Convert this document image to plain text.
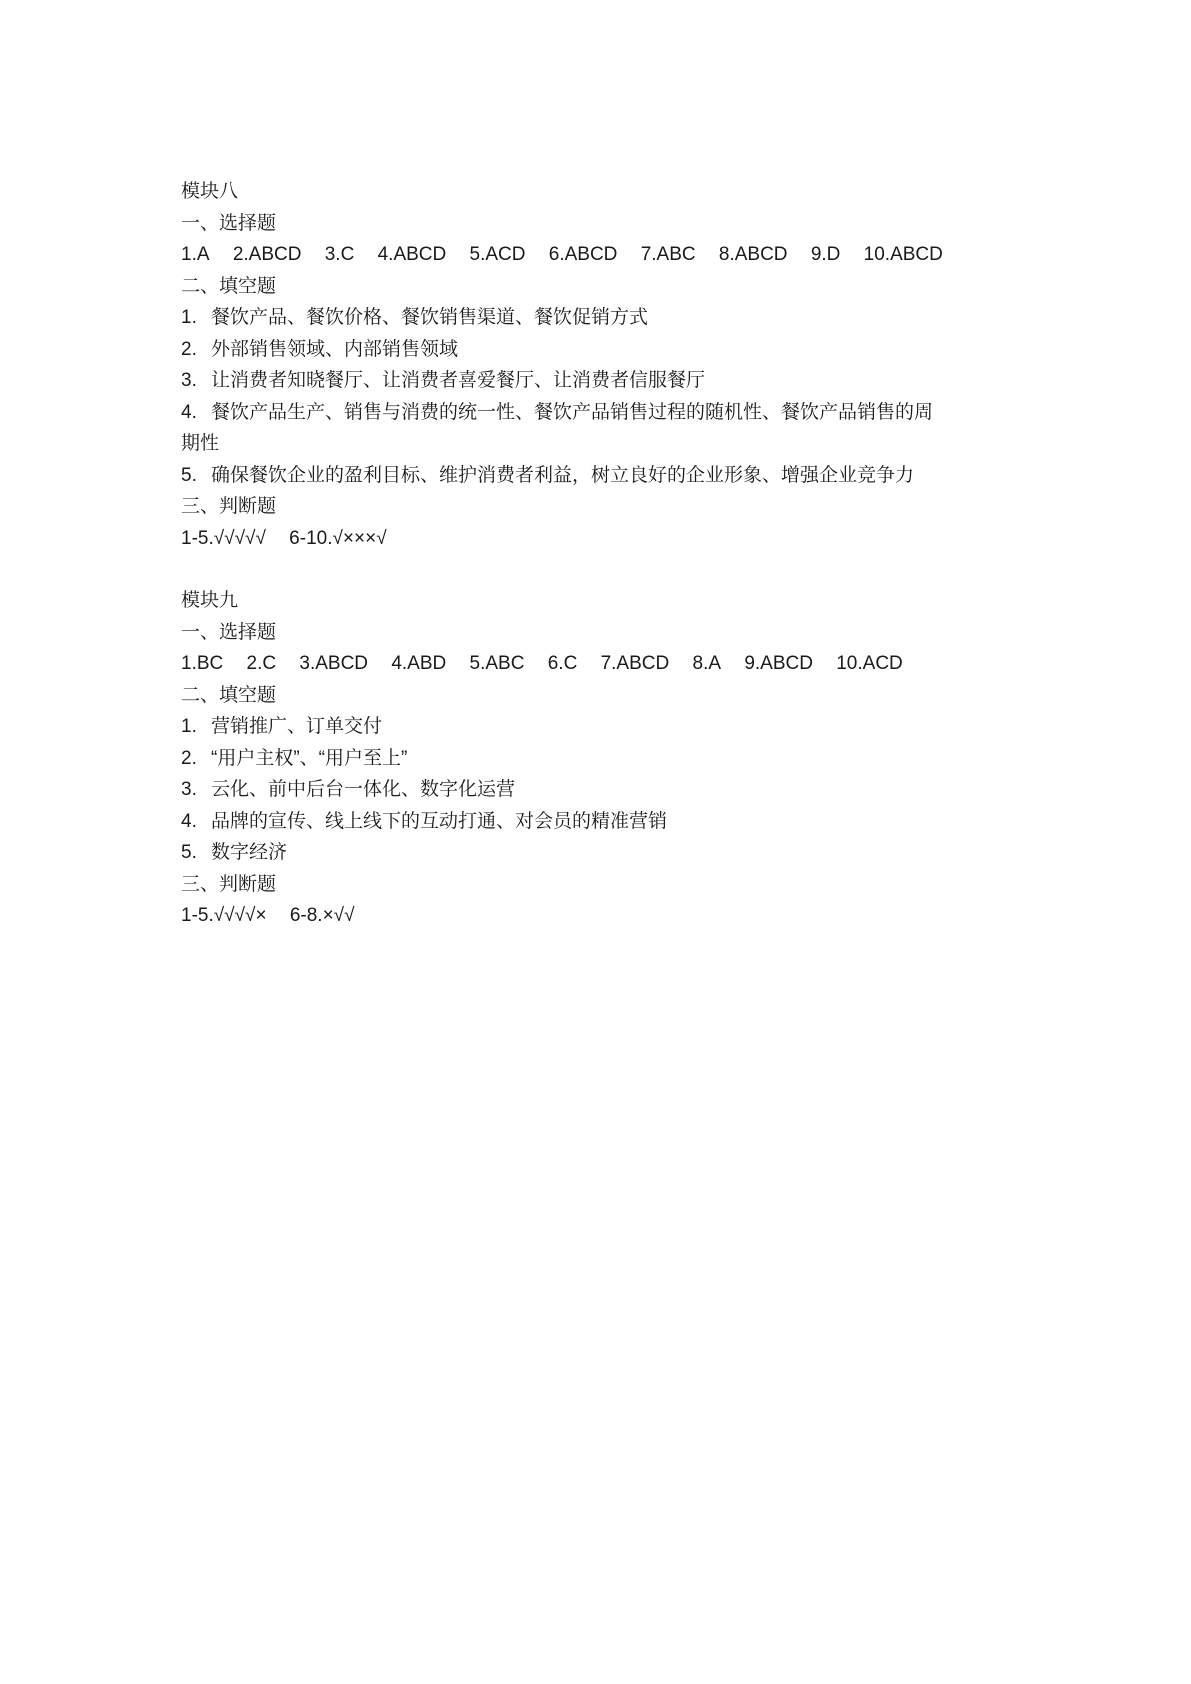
模块八
一、选择题
1.A 2.ABCD 3.C 4.ABCD 5.ACD 6.ABCD 7.ABC 8.ABCD 9.D 10.ABCD
二、填空题
1. 餐饮产品、餐饮价格、餐饮销售渠道、餐饮促销方式
2. 外部销售领域、内部销售领域
3. 让消费者知晓餐厅、让消费者喜爱餐厅、让消费者信服餐厅
4. 餐饮产品生产、销售与消费的统一性、餐饮产品销售过程的随机性、餐饮产品销售的周
期性
5. 确保餐饮企业的盈利目标、维护消费者利益，树立良好的企业形象、增强企业竞争力
三、判断题
1-5.√√√√√ 6-10.√×××√
模块九
一、选择题
1.BC 2.C 3.ABCD 4.ABD 5.ABC 6.C 7.ABCD 8.A 9.ABCD 10.ACD
二、填空题
1. 营销推广、订单交付
2. “用户主权”、“用户至上”
3. 云化、前中后台一体化、数字化运营
4. 品牌的宣传、线上线下的互动打通、对会员的精准营销
5. 数字经济
三、判断题
1-5.√√√√× 6-8.×√√
